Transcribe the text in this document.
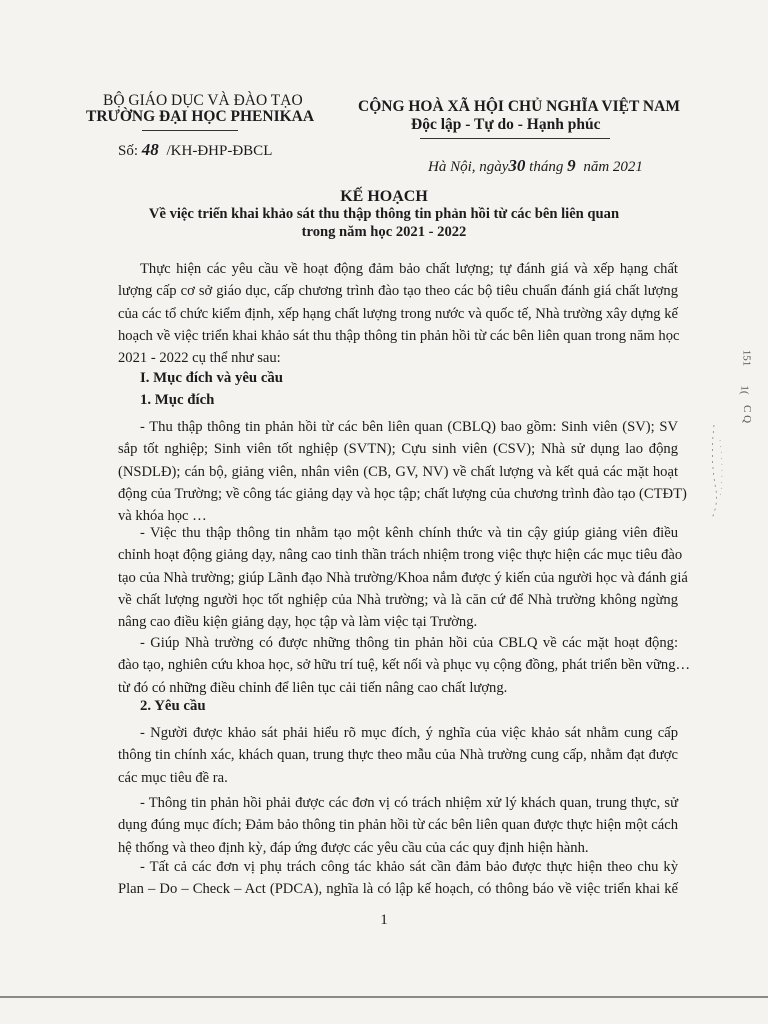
BỘ GIÁO DỤC VÀ ĐÀO TẠO
TRƯỜNG ĐẠI HỌC PHENIKAA
CỘNG HOÀ XÃ HỘI CHỦ NGHĨA VIỆT NAM
Độc lập - Tự do - Hạnh phúc
Số: 48 /KH-ĐHP-ĐBCL
Hà Nội, ngày30 tháng 9 năm 2021
KẾ HOẠCH
Về việc triển khai khảo sát thu thập thông tin phản hồi từ các bên liên quan
trong năm học 2021 - 2022
Thực hiện các yêu cầu về hoạt động đảm bảo chất lượng; tự đánh giá và xếp hạng chất
lượng cấp cơ sở giáo dục, cấp chương trình đào tạo theo các bộ tiêu chuẩn đánh giá chất lượng
của các tổ chức kiểm định, xếp hạng chất lượng trong nước và quốc tế, Nhà trường xây dựng kế
hoạch về việc triển khai khảo sát thu thập thông tin phản hồi từ các bên liên quan trong năm học
2021 - 2022 cụ thể như sau:
I. Mục đích và yêu cầu
1. Mục đích
- Thu thập thông tin phản hồi từ các bên liên quan (CBLQ) bao gồm: Sinh viên (SV); SV
sắp tốt nghiệp; Sinh viên tốt nghiệp (SVTN); Cựu sinh viên (CSV); Nhà sử dụng lao động
(NSDLĐ); cán bộ, giảng viên, nhân viên (CB, GV, NV) về chất lượng và kết quả các mặt hoạt
động của Trường; về công tác giảng dạy và học tập; chất lượng của chương trình đào tạo (CTĐT)
và khóa học …
- Việc thu thập thông tin nhằm tạo một kênh chính thức và tin cậy giúp giảng viên điều
chỉnh hoạt động giảng dạy, nâng cao tinh thần trách nhiệm trong việc thực hiện các mục tiêu đào
tạo của Nhà trường; giúp Lãnh đạo Nhà trường/Khoa nắm được ý kiến của người học và đánh giá
về chất lượng người học tốt nghiệp của Nhà trường; và là căn cứ để Nhà trường không ngừng
nâng cao điều kiện giảng dạy, học tập và làm việc tại Trường.
- Giúp Nhà trường có được những thông tin phản hồi của CBLQ về các mặt hoạt động:
đào tạo, nghiên cứu khoa học, sở hữu trí tuệ, kết nối và phục vụ cộng đồng, phát triển bền vững…
từ đó có những điều chỉnh để liên tục cải tiến nâng cao chất lượng.
2. Yêu cầu
- Người được khảo sát phải hiểu rõ mục đích, ý nghĩa của việc khảo sát nhằm cung cấp
thông tin chính xác, khách quan, trung thực theo mẫu của Nhà trường cung cấp, nhằm đạt được
các mục tiêu đề ra.
- Thông tin phản hồi phải được các đơn vị có trách nhiệm xử lý khách quan, trung thực, sử
dụng đúng mục đích; Đảm bảo thông tin phản hồi từ các bên liên quan được thực hiện một cách
hệ thống và theo định kỳ, đáp ứng được các yêu cầu của các quy định hiện hành.
- Tất cả các đơn vị phụ trách công tác khảo sát cần đảm bảo được thực hiện theo chu kỳ
Plan – Do – Check – Act (PDCA), nghĩa là có lập kế hoạch, có thông báo về việc triển khai kế
1
151
1(
C Q
